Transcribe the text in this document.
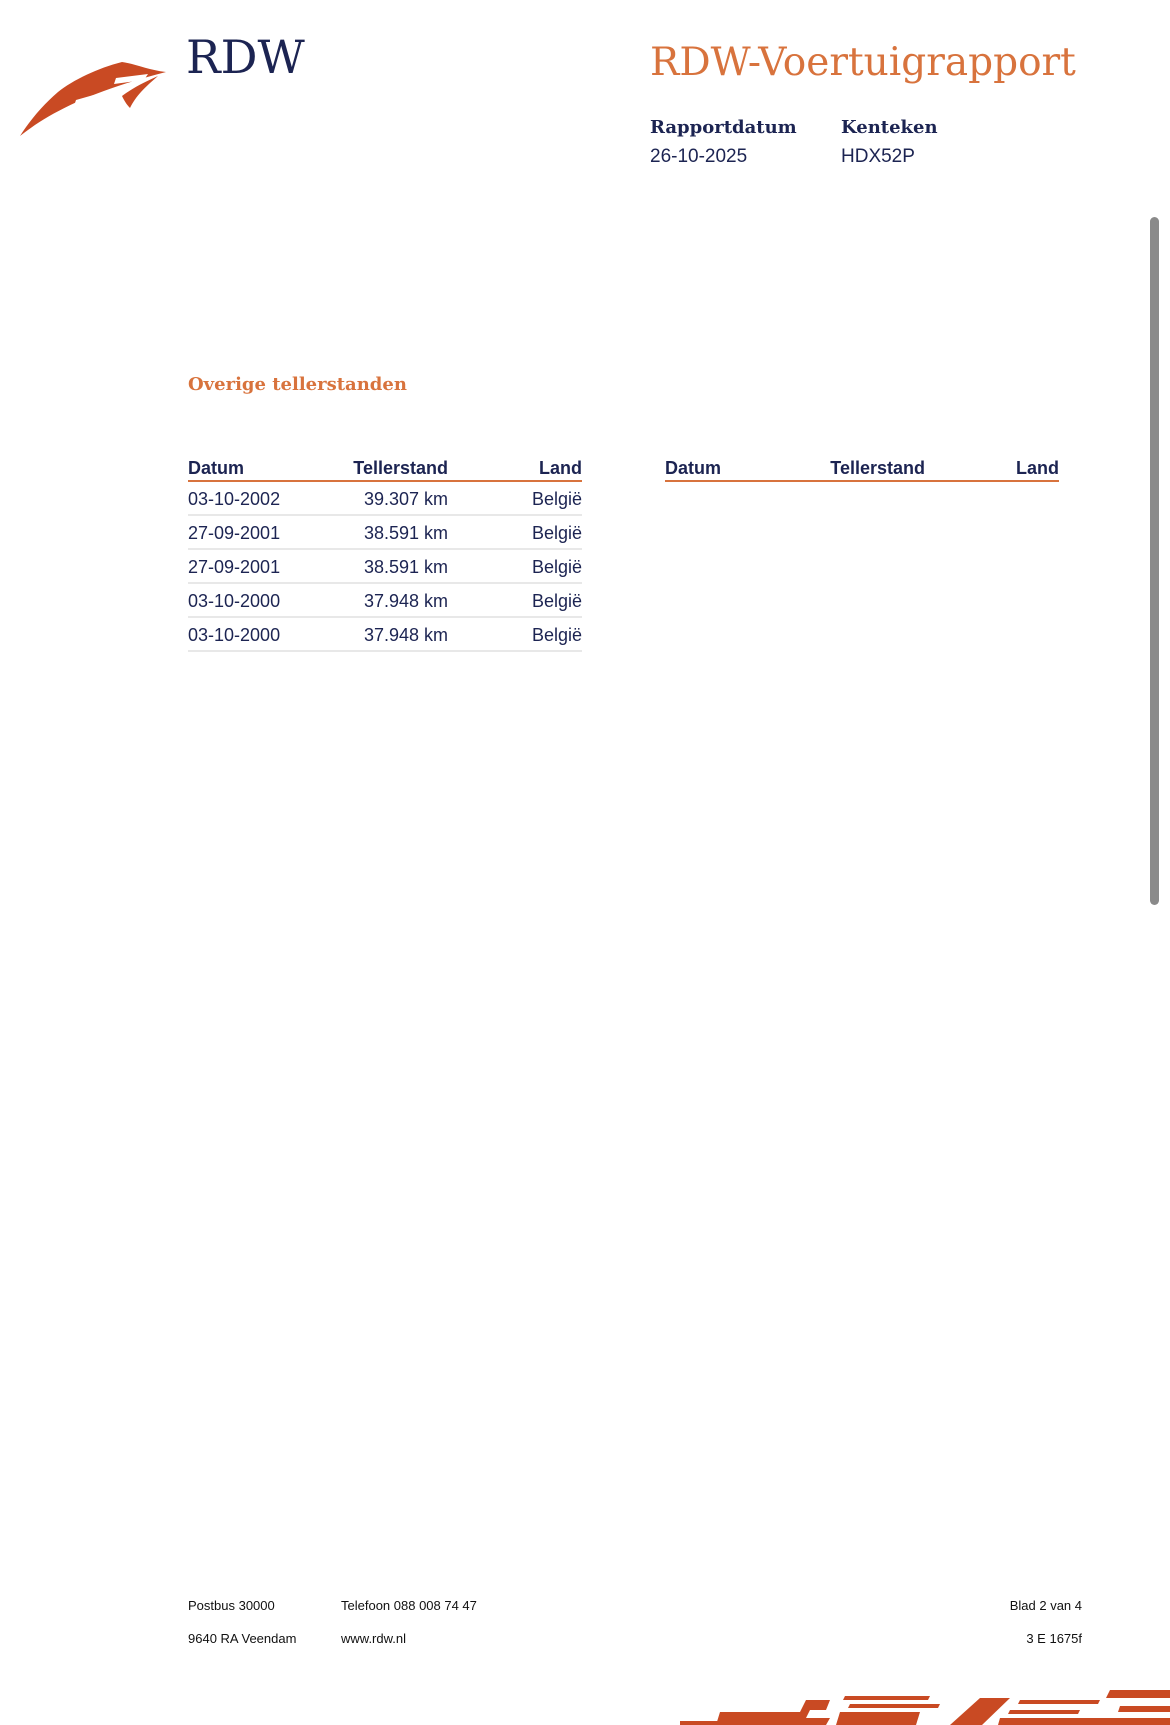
RDW	RDW-Voertuigrapport
Rapportdatum
26-10-2025
Kenteken
HDX52P
Overige tellerstanden
Datum	Tellerstand	Land
03-10-2002	39.307 km	België
27-09-2001	38.591 km	België
27-09-2001	38.591 km	België
03-10-2000	37.948 km	België
03-10-2000	37.948 km	België
Datum	Tellerstand	Land
Postbus 30000
9640 RA Veendam
Telefoon 088 008 74 47
www.rdw.nl
Blad 2 van 4
3 E 1675f
